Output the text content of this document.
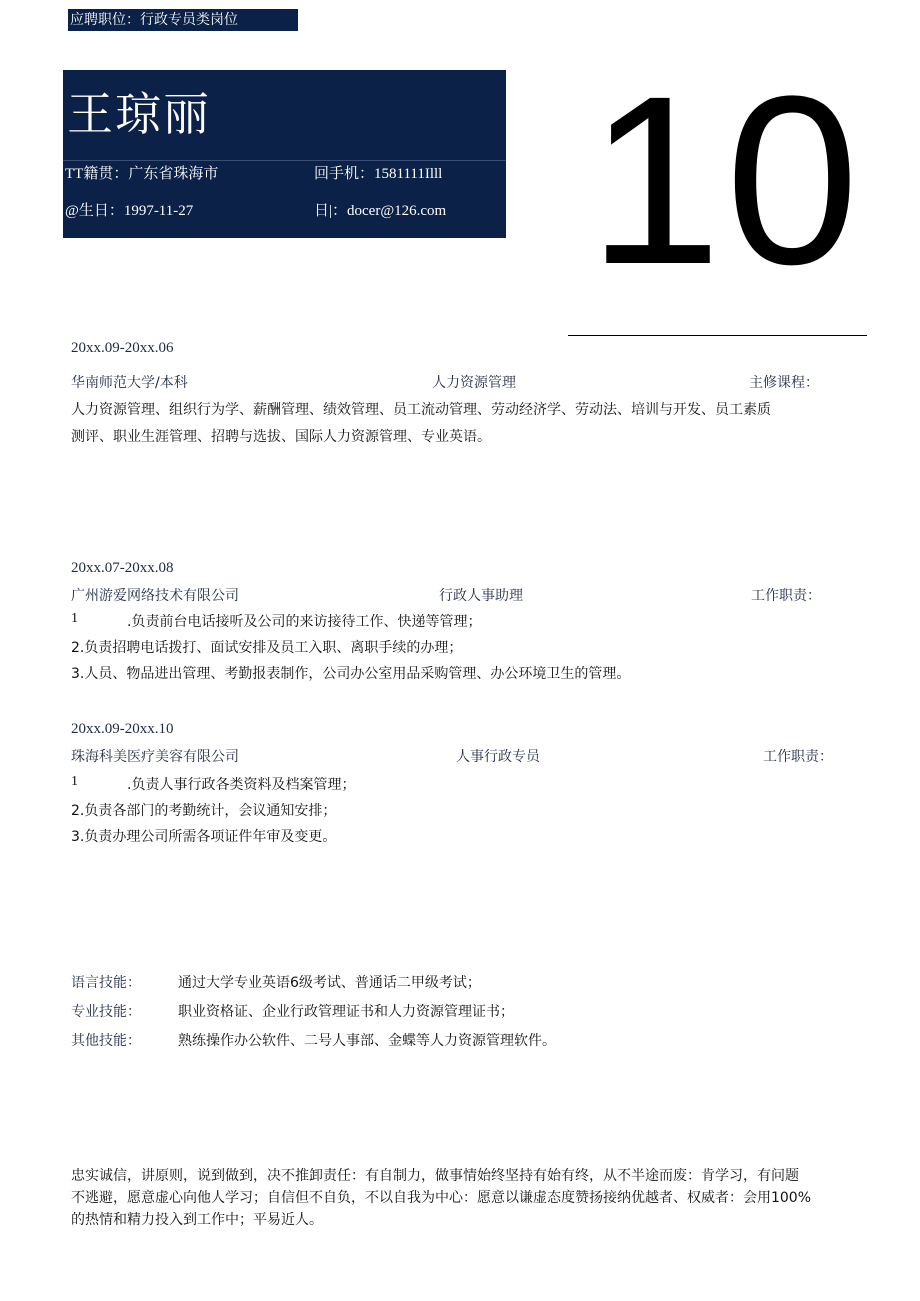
应聘职位：行政专员类岗位
王琼丽
TT籍贯：广东省珠海市	回手机：1581111Illl
@生日：1997-11-27	日|：docer@126.com 10
20xx.09-20xx.06
华南师范大学/本科	人力资源管理	主修课程：
人力资源管理、组织行为学、薪酬管理、绩效管理、员工流动管理、劳动经济学、劳动法、培训与开发、员工素质
测评、职业生涯管理、招聘与选拔、国际人力资源管理、专业英语。
20xx.07-20xx.08
广州游爱网络技术有限公司	行政人事助理	工作职责：
1	.负责前台电话接听及公司的来访接待工作、快递等管理；
2.负责招聘电话拨打、面试安排及员工入职、离职手续的办理；
3.人员、物品进出管理、考勤报表制作，公司办公室用品采购管理、办公环境卫生的管理。
20xx.09-20xx.10
珠海科美医疗美容有限公司	人事行政专员	工作职责：
1	.负责人事行政各类资料及档案管理；
2.负责各部门的考勤统计，会议通知安排；
3.负责办理公司所需各项证件年审及变更。
语言技能：	通过大学专业英语6级考试、普通话二甲级考试；
专业技能：	职业资格证、企业行政管理证书和人力资源管理证书；
其他技能：	熟练操作办公软件、二号人事部、金蝶等人力资源管理软件。
忠实诚信，讲原则，说到做到，决不推卸责任：有自制力，做事情始终坚持有始有终，从不半途而废：肯学习，有问题
不逃避，愿意虚心向他人学习；自信但不自负，不以自我为中心：愿意以谦虚态度赞扬接纳优越者、权威者：会用100%
的热情和精力投入到工作中；平易近人。
